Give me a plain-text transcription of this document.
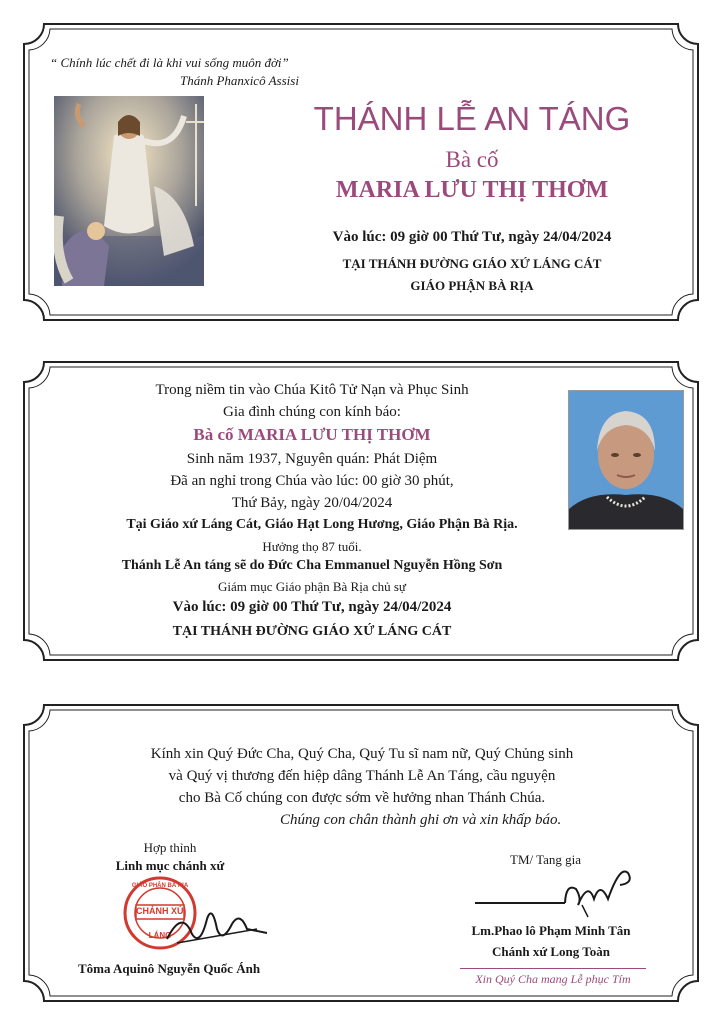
“ Chính lúc chết đi là khi vui sống muôn đời”
Thánh Phanxicô Assisi
THÁNH LỄ AN TÁNG
Bà cố
MARIA LƯU THỊ THƠM
Vào lúc: 09 giờ 00 Thứ Tư, ngày 24/04/2024
TẠI THÁNH ĐƯỜNG GIÁO XỨ LÁNG CÁT
GIÁO PHẬN BÀ RỊA
Trong niềm tin vào Chúa Kitô Tử Nạn và Phục Sinh
Gia đình chúng con kính báo:
Bà cố MARIA LƯU THỊ THƠM
Sinh năm 1937, Nguyên quán: Phát Diệm
Đã an nghỉ trong Chúa vào lúc: 00 giờ 30 phút,
Thứ Bảy, ngày 20/04/2024
Tại Giáo xứ Láng Cát, Giáo Hạt Long Hương, Giáo Phận Bà Rịa.
Hưởng thọ 87 tuổi.
Thánh Lễ An táng sẽ do Đức Cha Emmanuel Nguyễn Hồng Sơn
Giám mục Giáo phận Bà Rịa chủ sự
Vào lúc: 09 giờ 00 Thứ Tư, ngày 24/04/2024
TẠI THÁNH ĐƯỜNG GIÁO XỨ LÁNG CÁT
Kính xin Quý Đức Cha, Quý Cha, Quý Tu sĩ nam nữ, Quý Chủng sinh
và Quý vị thương đến hiệp dâng Thánh Lễ An Táng, cầu nguyện
cho Bà Cố chúng con được sớm về hưởng nhan Thánh Chúa.
Chúng con chân thành ghi ơn và xin khấp báo.
Hợp thỉnh
Linh mục chánh xứ
GIÁO PHẬN BÀ RỊA
CHÁNH XỨ
LÁNG
Tôma Aquinô Nguyễn Quốc Ánh
TM/ Tang gia
Lm.Phao lô Phạm Minh Tân
Chánh xứ Long Toàn
Xin Quý Cha mang Lễ phục Tím
